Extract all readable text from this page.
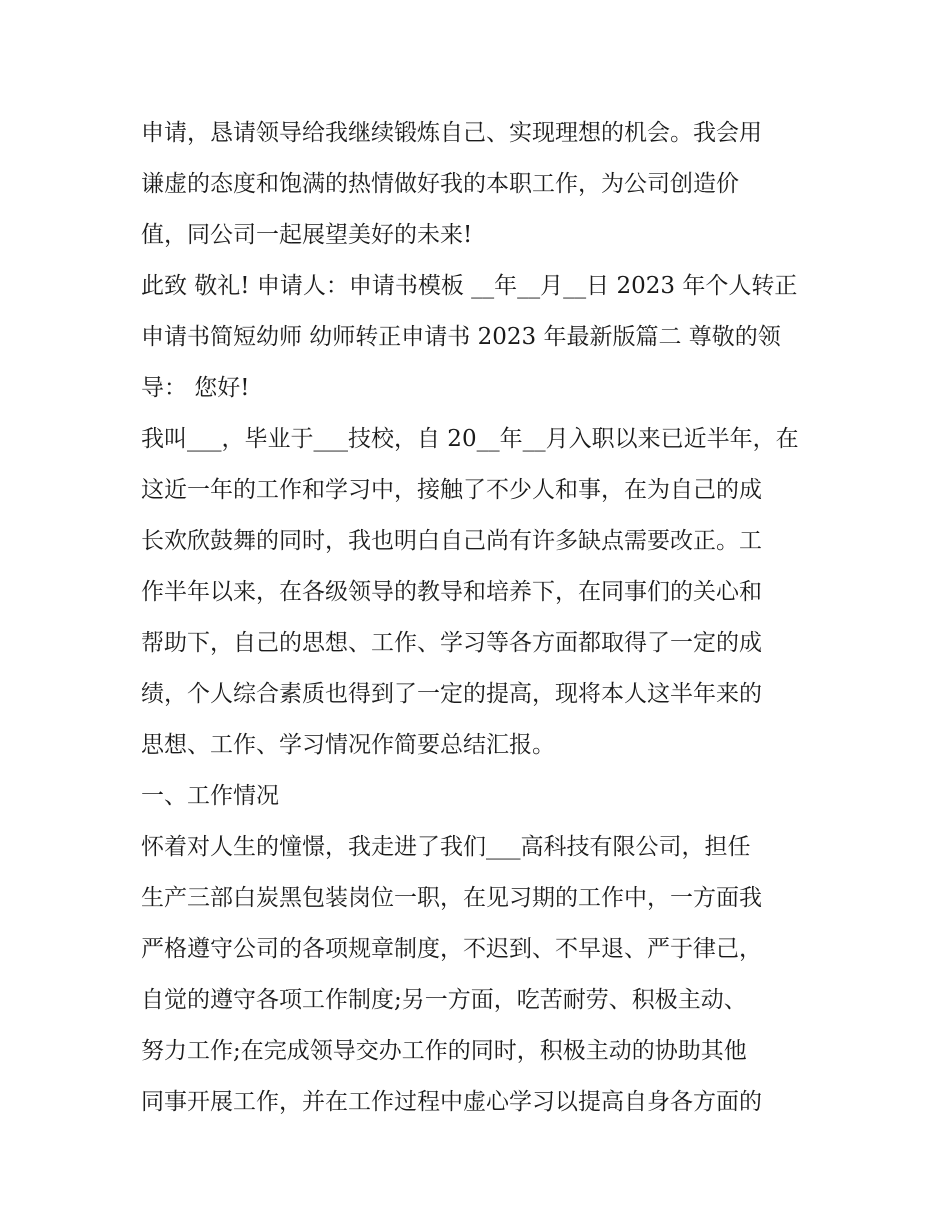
申请，恳请领导给我继续锻炼自己、实现理想的机会。我会用
谦虚的态度和饱满的热情做好我的本职工作，为公司创造价
值，同公司一起展望美好的未来!
此致 敬礼! 申请人：申请书模板 __年__月__日 2023 年个人转正
申请书简短幼师 幼师转正申请书 2023 年最新版篇二 尊敬的领
导： 您好!
我叫___，毕业于___技校，自 20__年__月入职以来已近半年，在
这近一年的工作和学习中，接触了不少人和事，在为自己的成
长欢欣鼓舞的同时，我也明白自己尚有许多缺点需要改正。工
作半年以来，在各级领导的教导和培养下，在同事们的关心和
帮助下，自己的思想、工作、学习等各方面都取得了一定的成
绩，个人综合素质也得到了一定的提高，现将本人这半年来的
思想、工作、学习情况作简要总结汇报。
一、工作情况
怀着对人生的憧憬，我走进了我们___高科技有限公司，担任
生产三部白炭黑包装岗位一职，在见习期的工作中，一方面我
严格遵守公司的各项规章制度，不迟到、不早退、严于律己，
自觉的遵守各项工作制度;另一方面，吃苦耐劳、积极主动、
努力工作;在完成领导交办工作的同时，积极主动的协助其他
同事开展工作，并在工作过程中虚心学习以提高自身各方面的
